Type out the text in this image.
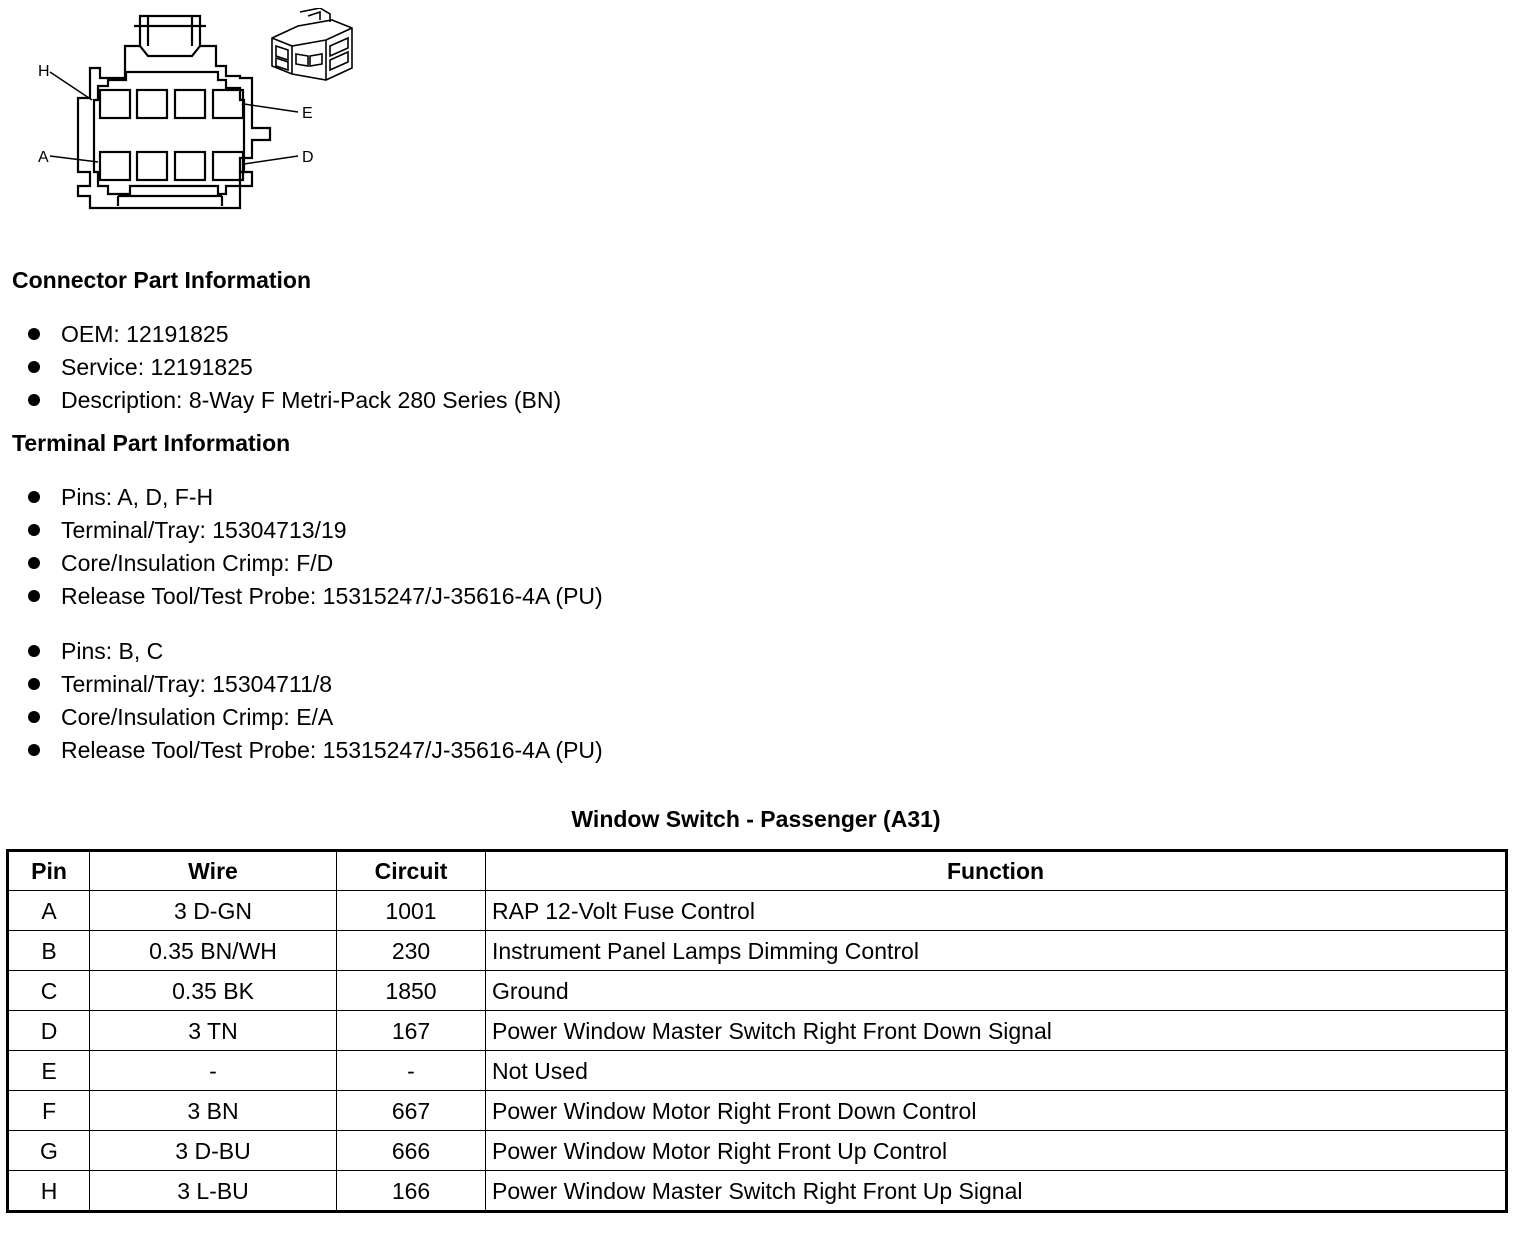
H
E
A	D
Connector Part Information
OEM: 12191825
Service: 12191825
Description: 8-Way F Metri-Pack 280 Series (BN)
Terminal Part Information
Pins: A, D, F-H
Terminal/Tray: 15304713/19
Core/Insulation Crimp: F/D
Release Tool/Test Probe: 15315247/J-35616-4A (PU)
Pins: B, C
Terminal/Tray: 15304711/8
Core/Insulation Crimp: E/A
Release Tool/Test Probe: 15315247/J-35616-4A (PU)
Window Switch - Passenger (A31)
Pin	Wire	Circuit	Function
A	3 D-GN	1001	RAP 12-Volt Fuse Control
B	0.35 BN/WH	230	Instrument Panel Lamps Dimming Control
C	0.35 BK	1850	Ground
D	3 TN	167	Power Window Master Switch Right Front Down Signal
E	-	-	Not Used
F	3 BN	667	Power Window Motor Right Front Down Control
G	3 D-BU	666	Power Window Motor Right Front Up Control
H	3 L-BU	166	Power Window Master Switch Right Front Up Signal
